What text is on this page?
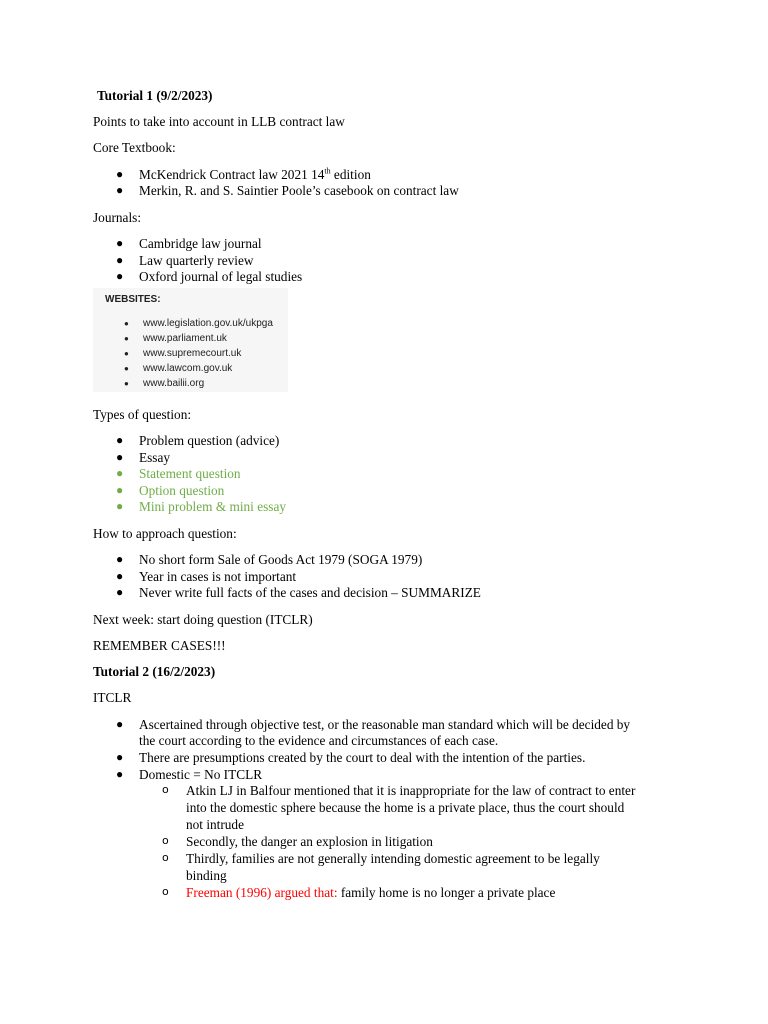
Tutorial 1 (9/2/2023)
Points to take into account in LLB contract law
Core Textbook:
● McKendrick Contract law 2021 14th edition
● Merkin, R. and S. Saintier Poole’s casebook on contract law
Journals:
● Cambridge law journal
● Law quarterly review
● Oxford journal of legal studies
WEBSITES:
● www.legislation.gov.uk/ukpga
● www.parliament.uk
● www.supremecourt.uk
● www.lawcom.gov.uk
● www.bailii.org
Types of question:
● Problem question (advice)
● Essay
● Statement question
● Option question
● Mini problem & mini essay
How to approach question:
● No short form Sale of Goods Act 1979 (SOGA 1979)
● Year in cases is not important
● Never write full facts of the cases and decision – SUMMARIZE
Next week: start doing question (ITCLR)
REMEMBER CASES!!!
Tutorial 2 (16/2/2023)
ITCLR
● Ascertained through objective test, or the reasonable man standard which will be decided by
the court according to the evidence and circumstances of each case.
● There are presumptions created by the court to deal with the intention of the parties.
● Domestic = No ITCLR
o Atkin LJ in Balfour mentioned that it is inappropriate for the law of contract to enter
into the domestic sphere because the home is a private place, thus the court should
not intrude
o Secondly, the danger an explosion in litigation
o Thirdly, families are not generally intending domestic agreement to be legally
binding
o Freeman (1996) argued that: family home is no longer a private place
